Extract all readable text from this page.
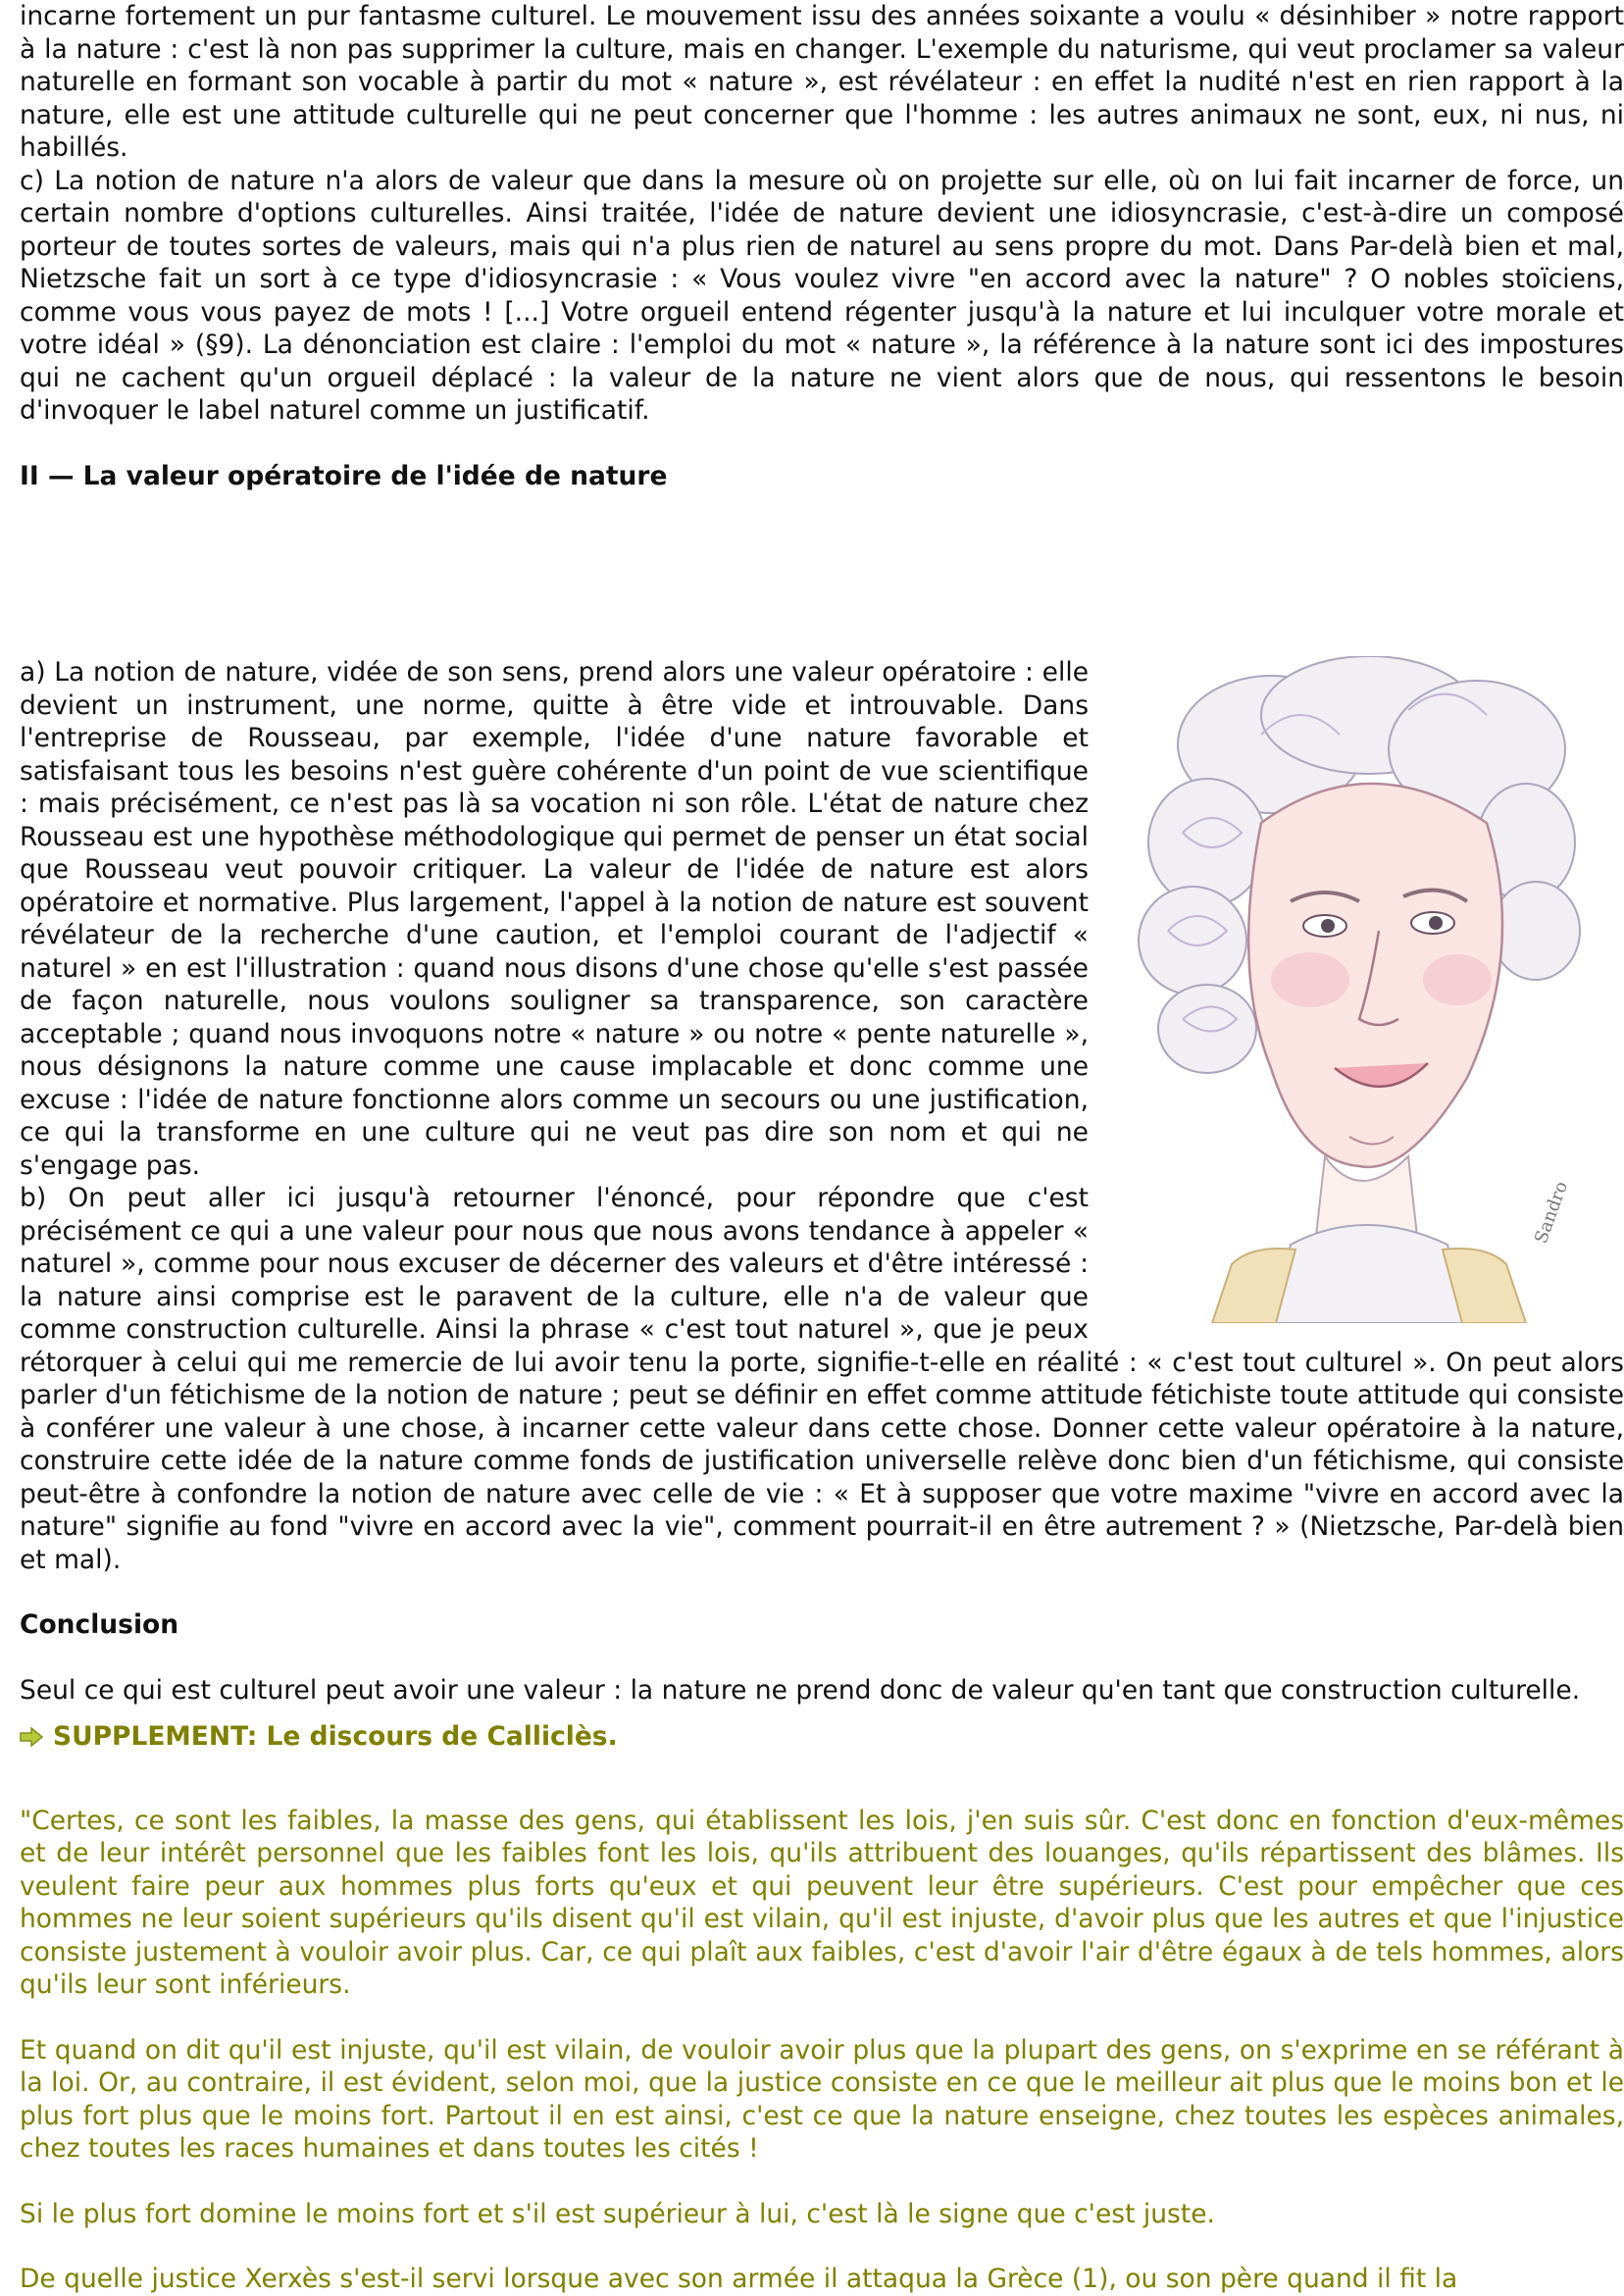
incarne fortement un pur fantasme culturel. Le mouvement issu des années soixante a voulu « désinhiber » notre rapport à la nature : c'est là non pas supprimer la culture, mais en changer. L'exemple du naturisme, qui veut proclamer sa valeur naturelle en formant son vocable à partir du mot « nature », est révélateur : en effet la nudité n'est en rien rapport à la nature, elle est une attitude culturelle qui ne peut concerner que l'homme : les autres animaux ne sont, eux, ni nus, ni habillés.

c) La notion de nature n'a alors de valeur que dans la mesure où on projette sur elle, où on lui fait incarner de force, un certain nombre d'options culturelles. Ainsi traitée, l'idée de nature devient une idiosyncrasie, c'est-à-dire un composé porteur de toutes sortes de valeurs, mais qui n'a plus rien de naturel au sens propre du mot. Dans Par-delà bien et mal, Nietzsche fait un sort à ce type d'idiosyncrasie : « Vous voulez vivre "en accord avec la nature" ? O nobles stoïciens, comme vous vous payez de mots ! [...] Votre orgueil entend régenter jusqu'à la nature et lui inculquer votre morale et votre idéal » (§9). La dénonciation est claire : l'emploi du mot « nature », la référence à la nature sont ici des impostures qui ne cachent qu'un orgueil déplacé : la valeur de la nature ne vient alors que de nous, qui ressentons le besoin d'invoquer le label naturel comme un justificatif.

II — La valeur opératoire de l'idée de nature

Sandro

a) La notion de nature, vidée de son sens, prend alors une valeur opératoire : elle devient un instrument, une norme, quitte à être vide et introuvable. Dans l'entreprise de Rousseau, par exemple, l'idée d'une nature favorable et satisfaisant tous les besoins n'est guère cohérente d'un point de vue scientifique : mais précisément, ce n'est pas là sa vocation ni son rôle. L'état de nature chez Rousseau est une hypothèse méthodologique qui permet de penser un état social que Rousseau veut pouvoir critiquer. La valeur de l'idée de nature est alors opératoire et normative. Plus largement, l'appel à la notion de nature est souvent révélateur de la recherche d'une caution, et l'emploi courant de l'adjectif « naturel » en est l'illustration : quand nous disons d'une chose qu'elle s'est passée de façon naturelle, nous voulons souligner sa transparence, son caractère acceptable ; quand nous invoquons notre « nature » ou notre « pente naturelle », nous désignons la nature comme une cause implacable et donc comme une excuse : l'idée de nature fonctionne alors comme un secours ou une justification, ce qui la transforme en une culture qui ne veut pas dire son nom et qui ne s'engage pas.

b) On peut aller ici jusqu'à retourner l'énoncé, pour répondre que c'est précisément ce qui a une valeur pour nous que nous avons tendance à appeler « naturel », comme pour nous excuser de décerner des valeurs et d'être intéressé : la nature ainsi comprise est le paravent de la culture, elle n'a de valeur que comme construction culturelle. Ainsi la phrase « c'est tout naturel », que je peux rétorquer à celui qui me remercie de lui avoir tenu la porte, signifie-t-elle en réalité : « c'est tout culturel ». On peut alors parler d'un fétichisme de la notion de nature ; peut se définir en effet comme attitude fétichiste toute attitude qui consiste à conférer une valeur à une chose, à incarner cette valeur dans cette chose. Donner cette valeur opératoire à la nature, construire cette idée de la nature comme fonds de justification universelle relève donc bien d'un fétichisme, qui consiste peut-être à confondre la notion de nature avec celle de vie : « Et à supposer que votre maxime "vivre en accord avec la nature" signifie au fond "vivre en accord avec la vie", comment pourrait-il en être autrement ? » (Nietzsche, Par-delà bien et mal).

Conclusion

Seul ce qui est culturel peut avoir une valeur : la nature ne prend donc de valeur qu'en tant que construction culturelle.

SUPPLEMENT: Le discours de Calliclès.

"Certes, ce sont les faibles, la masse des gens, qui établissent les lois, j'en suis sûr. C'est donc en fonction d'eux-mêmes et de leur intérêt personnel que les faibles font les lois, qu'ils attribuent des louanges, qu'ils répartissent des blâmes. Ils veulent faire peur aux hommes plus forts qu'eux et qui peuvent leur être supérieurs. C'est pour empêcher que ces hommes ne leur soient supérieurs qu'ils disent qu'il est vilain, qu'il est injuste, d'avoir plus que les autres et que l'injustice consiste justement à vouloir avoir plus. Car, ce qui plaît aux faibles, c'est d'avoir l'air d'être égaux à de tels hommes, alors qu'ils leur sont inférieurs.

Et quand on dit qu'il est injuste, qu'il est vilain, de vouloir avoir plus que la plupart des gens, on s'exprime en se référant à la loi. Or, au contraire, il est évident, selon moi, que la justice consiste en ce que le meilleur ait plus que le moins bon et le plus fort plus que le moins fort. Partout il en est ainsi, c'est ce que la nature enseigne, chez toutes les espèces animales, chez toutes les races humaines et dans toutes les cités !

Si le plus fort domine le moins fort et s'il est supérieur à lui, c'est là le signe que c'est juste.

De quelle justice Xerxès s'est-il servi lorsque avec son armée il attaqua la Grèce (1), ou son père quand il fit la
